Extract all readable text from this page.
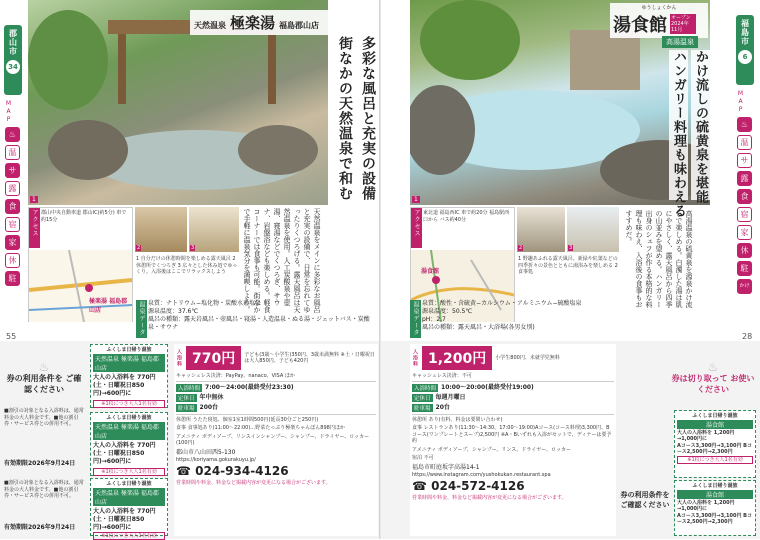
郡山市
34
MAP
♨
温
サ
露
食
宿
家
休
駐
1
天然温泉 極楽湯 福島郡山店
多彩な風呂と充実の設備
街なかの天然温泉で和む
アクセス 郡山中央自動車道 郡山IC(約5分) 車で約15分
極楽湯 福島郡山店
2	3
1 自分だけの休憩時間を楽しめる露天風呂 2 休憩所でくつろぎ 3 広々とした休み処でゆっくり。入浴後はここでリラックスしよう	天然温泉をメインに多彩なお風呂と充実の設備で、日常を忘れてゆったりくつろげる。露天風呂は天然温泉を使用。人工炭酸泉や壺湯、寝湯などでくつろぎ、サウナ、岩盤浴なども楽しめる。軽食コーナーでは食事も可能。街なかで手軽に温泉気分を満喫しよう。
温泉データ 泉質：ナトリウム−塩化物・炭酸水素塩泉
源泉温度：37.6℃
風呂の種類：露天岩風呂・壺風呂・寝湯・人造温泉・ぬる湯・ジェットバス・炭酸泉・サウナ
55
♨
券の利用条件を ご確認ください
■割引の対象となる入浴料は、通常料金の大人料金です。■他の割引券・サービス券との併用不可。
有効期限2026年9月24日
■割引の対象となる入浴料は、通常料金の大人料金です。■他の割引券・サービス券との併用不可。
有効期限2026年9月24日
ふくしま日帰り湯旅
天然温泉 極楽湯 福島郡山店
大人の入浴料を 770円(土・日曜祝日850円)→600円に
※1枚につき大人1名有効
ふくしま日帰り湯旅
天然温泉 極楽湯 福島郡山店
大人の入浴料を 770円(土・日曜祝日850円)→600円に
※1枚につき大人1名有効
ふくしま日帰り湯旅
天然温泉 極楽湯 福島郡山店
大人の入浴料を 770円(土・日曜祝日850円)→600円に
※1枚につき大人1名有効
入浴料 770円	子ども(3歳〜小学生)350円、3歳未満無料 ※土・日曜祝日は大人850円、子ども420円
キャッシュレス決済：PayPay、nanaco、VISA ほか
入浴時間 7:00〜24:00(最終受付23:30)
定休日 年中無休
駐車場 200台
休憩所 うたた寝処、個室1室1時間500円(延長30分ごと250円)
食事 食事処あり(11:00〜22:00)…野菜たっぷり極楽ちゃんぽん898円ほか
アメニティ ボディソープ、リンスインシャンプー、シャンプー、ドライヤー、ロッカー(100円)
郡山市八山田西5-130
https://koriyama.gokurakuyu.jp/
☎ 024-934-4126
営業時間や料金、料金など掲載内容が変更になる場合がございます。
1
ゆうしょくかん
湯食館 オープン 2024年11月
高湯温泉
かけ流しの硫黄泉を堪能
ハンガリー料理も味わえる
福島市
6
MAP
♨
温
サ
露
食
宿
家
休
駐
かけ
アクセス 東北道 福島西IC 車で約20分 福島駅西口から バス約40分
湯食館
2	3
1 野趣あふれる露天風呂。新緑や紅葉などの四季折々の景色とともに湯浴みを楽しめる 2 食事処	高湯温泉の硫黄泉を源泉かけ流しで楽しめる。白濁した湯は肌にやさしく、露天風呂から四季の山並みを望める。ハンガリー出身のシェフが作る本格的な料理も味わえ、入浴後の食事もおすすめだ。
温泉データ 泉質：酸性・含硫黄−カルシウム・アルミニウム−硫酸塩泉
源泉温度：50.5℃
pH：2.7
風呂の種類：露天風呂・大浴場(各男女別)
28
入浴料 1,200円	小学生800円、未就学児無料
キャッシュレス決済：不可
入浴時間 10:00〜20:00(最終受付19:00)
定休日 毎週月曜日
駐車場 20台
休憩所 あり(有料、料金は要問い合わせ)
食事 レストランあり(11:30〜14:30、17:00〜19:00)Aコース(コース料理)3,300円、Bコース(ワンプレートとスープ)2,500円 ※A・Bいずれも入浴がセットで、ディナーは要予約
アメニティ ボディソープ、シャンプー、リンス、ドライヤー、ロッカー
宿泊 不可
福島市町庭坂字高湯14-1
https://www.instagram.com/yushokukan.restaurant.spa
☎ 024-572-4126
営業時間や料金、料金など掲載内容が変更になる場合がございます。
♨
券は切り取って お使いください
券の利用条件を ご確認ください
ふくしま日帰り湯旅
湯食館
大人の入浴料を 1,200円→1,000円に
Aコース3,300円→3,100円 Bコース2,500円→2,300円
※1枚につき大人1名有効
ふくしま日帰り湯旅
湯食館
大人の入浴料を 1,200円→1,000円に
Aコース3,300円→3,100円 Bコース2,500円→2,300円
